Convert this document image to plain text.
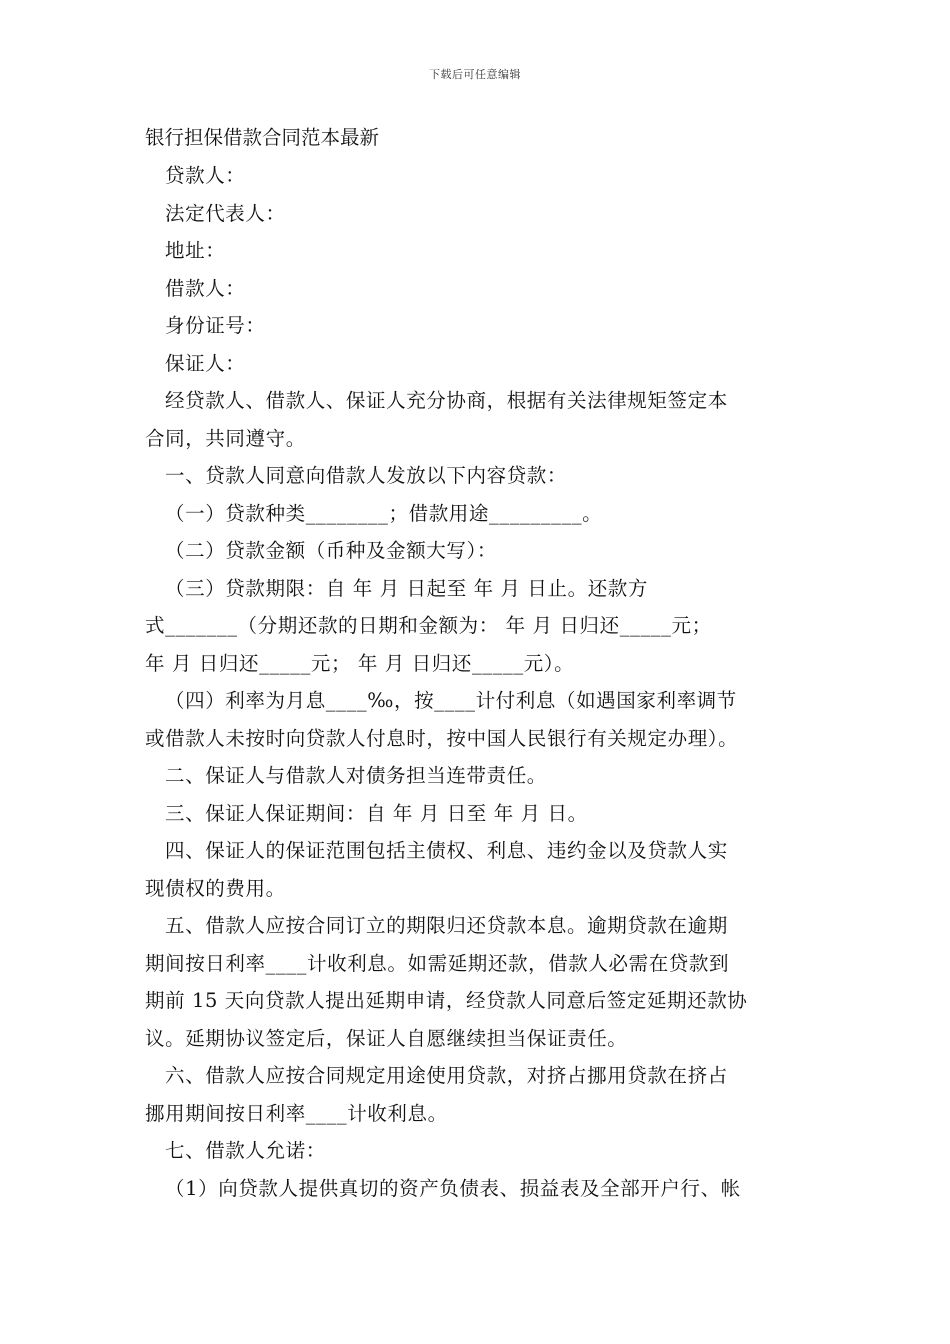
下载后可任意编辑
银行担保借款合同范本最新
贷款人：
法定代表人：
地址：
借款人：
身份证号：
保证人：
经贷款人、借款人、保证人充分协商，根据有关法律规矩签定本
合同，共同遵守。
一、贷款人同意向借款人发放以下内容贷款：
（一）贷款种类________；借款用途_________。
（二）贷款金额（币种及金额大写）：
（三）贷款期限：自 年 月 日起至 年 月 日止。还款方
式_______（分期还款的日期和金额为： 年 月 日归还_____元；
年 月 日归还_____元； 年 月 日归还_____元）。
（四）利率为月息____‰，按____计付利息（如遇国家利率调节
或借款人未按时向贷款人付息时，按中国人民银行有关规定办理）。
二、保证人与借款人对债务担当连带责任。
三、保证人保证期间：自 年 月 日至 年 月 日。
四、保证人的保证范围包括主债权、利息、违约金以及贷款人实
现债权的费用。
五、借款人应按合同订立的期限归还贷款本息。逾期贷款在逾期
期间按日利率____计收利息。如需延期还款，借款人必需在贷款到
期前 15 天向贷款人提出延期申请，经贷款人同意后签定延期还款协
议。延期协议签定后，保证人自愿继续担当保证责任。
六、借款人应按合同规定用途使用贷款，对挤占挪用贷款在挤占
挪用期间按日利率____计收利息。
七、借款人允诺：
（1）向贷款人提供真切的资产负债表、损益表及全部开户行、帐
